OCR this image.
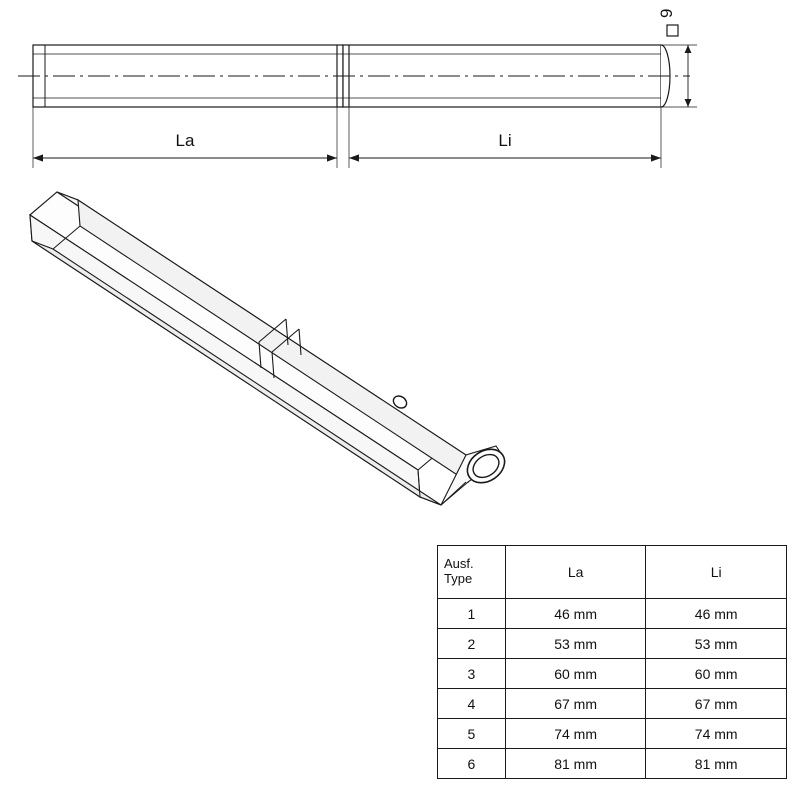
9
La	Li
Ausf.
Type	La	Li
1	46 mm	46 mm
2	53 mm	53 mm
3	60 mm	60 mm
4	67 mm	67 mm
5	74 mm	74 mm
6	81 mm	81 mm
